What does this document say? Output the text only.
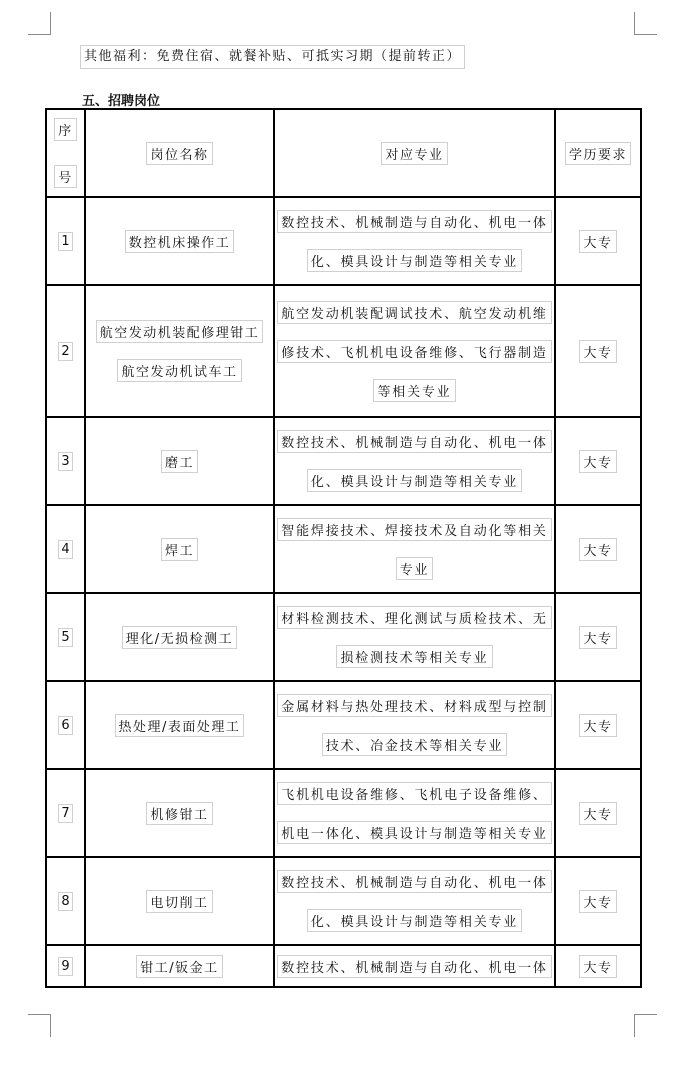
其他福利：免费住宿、就餐补贴、可抵实习期（提前转正）
五、招聘岗位
序
号	岗位名称	对应专业	学历要求
1	数控机床操作工	数控技术、机械制造与自动化、机电一体
化、模具设计与制造等相关专业	大专
2	航空发动机装配修理钳工
航空发动机试车工	航空发动机装配调试技术、航空发动机维
修技术、飞机机电设备维修、飞行器制造
等相关专业	大专
3	磨工	数控技术、机械制造与自动化、机电一体
化、模具设计与制造等相关专业	大专
4	焊工	智能焊接技术、焊接技术及自动化等相关
专业	大专
5	理化/无损检测工	材料检测技术、理化测试与质检技术、无
损检测技术等相关专业	大专
6	热处理/表面处理工	金属材料与热处理技术、材料成型与控制
技术、冶金技术等相关专业	大专
7	机修钳工	飞机机电设备维修、飞机电子设备维修、
机电一体化、模具设计与制造等相关专业	大专
8	电切削工	数控技术、机械制造与自动化、机电一体
化、模具设计与制造等相关专业	大专
9	钳工/钣金工	数控技术、机械制造与自动化、机电一体	大专
